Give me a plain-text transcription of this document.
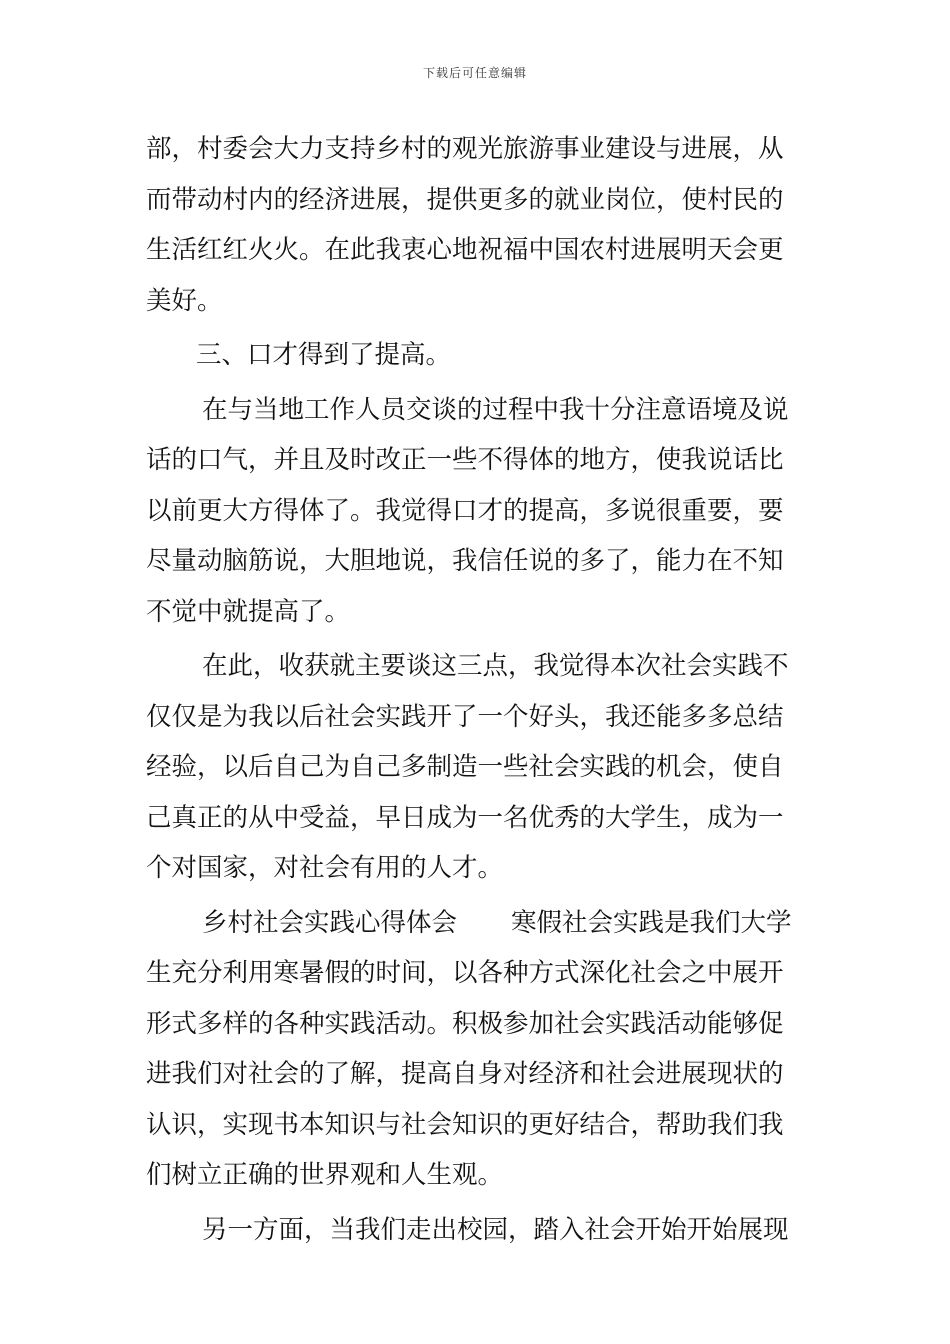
下载后可任意编辑
部，村委会大力支持乡村的观光旅游事业建设与进展，从
而带动村内的经济进展，提供更多的就业岗位，使村民的
生活红红火火。在此我衷心地祝福中国农村进展明天会更
美好。
三、口才得到了提高。
在与当地工作人员交谈的过程中我十分注意语境及说
话的口气，并且及时改正一些不得体的地方，使我说话比
以前更大方得体了。我觉得口才的提高，多说很重要，要
尽量动脑筋说，大胆地说，我信任说的多了，能力在不知
不觉中就提高了。
在此，收获就主要谈这三点，我觉得本次社会实践不
仅仅是为我以后社会实践开了一个好头，我还能多多总结
经验，以后自己为自己多制造一些社会实践的机会，使自
己真正的从中受益，早日成为一名优秀的大学生，成为一
个对国家，对社会有用的人才。
乡村社会实践心得体会 寒假社会实践是我们大学
生充分利用寒暑假的时间，以各种方式深化社会之中展开
形式多样的各种实践活动。积极参加社会实践活动能够促
进我们对社会的了解，提高自身对经济和社会进展现状的
认识，实现书本知识与社会知识的更好结合，帮助我们我
们树立正确的世界观和人生观。
另一方面，当我们走出校园，踏入社会开始开始展现
